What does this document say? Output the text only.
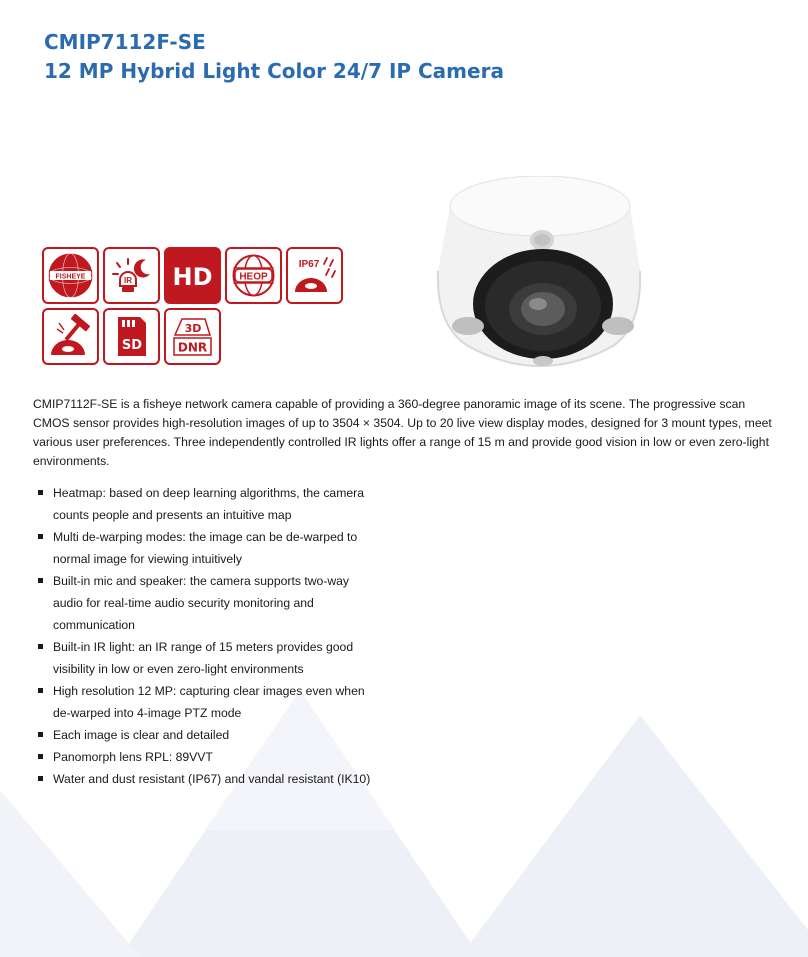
CMIP7112F-SE
12 MP Hybrid Light Color 24/7 IP Camera
FISHEYE	IR HD	HEOP
IP67
SD
3D
DNR
CMIP7112F-SE is a fisheye network camera capable of providing a 360-degree panoramic image of its scene. The progressive scan CMOS sensor provides high-resolution images of up to 3504 × 3504. Up to 20 live view display modes, designed for 3 mount types, meet various user preferences. Three independently controlled IR lights offer a range of 15 m and provide good vision in low or even zero-light environments.
Heatmap: based on deep learning algorithms, the camera
counts people and presents an intuitive map
Multi de-warping modes: the image can be de-warped to
normal image for viewing intuitively
Built-in mic and speaker: the camera supports two-way
audio for real-time audio security monitoring and
communication
Built-in IR light: an IR range of 15 meters provides good
visibility in low or even zero-light environments
High resolution 12 MP: capturing clear images even when
de-warped into 4-image PTZ mode
Each image is clear and detailed
Panomorph lens RPL: 89VVT
Water and dust resistant (IP67) and vandal resistant (IK10)
